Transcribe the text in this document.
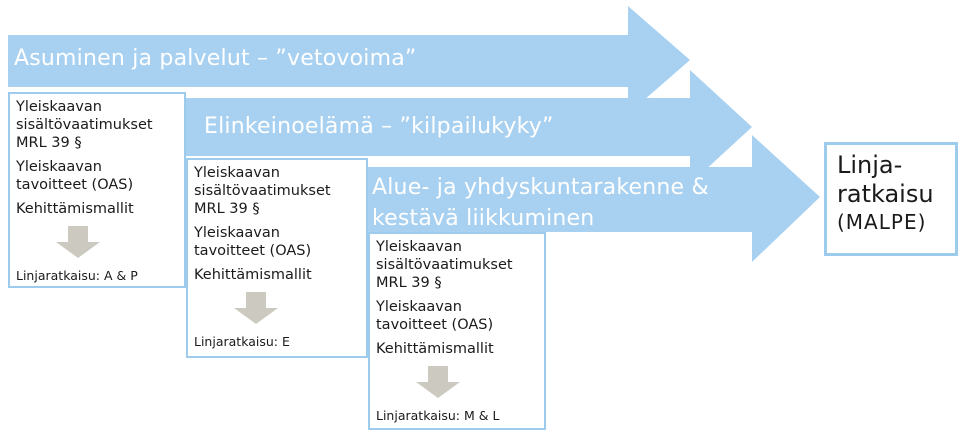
Asuminen ja palvelut – ”vetovoima”
Elinkeinoelämä – ”kilpailukyky”
Alue- ja yhdyskuntarakenne &
kestävä liikkuminen
Yleiskaavan
sisältövaatimukset
MRL 39 §
Yleiskaavan
tavoitteet (OAS)
Kehittämismallit
Linjaratkaisu: A & P
Yleiskaavan
sisältövaatimukset
MRL 39 §
Yleiskaavan
tavoitteet (OAS)
Kehittämismallit
Linjaratkaisu: E
Yleiskaavan
sisältövaatimukset
MRL 39 §
Yleiskaavan
tavoitteet (OAS)
Kehittämismallit
Linjaratkaisu: M & L
Linja-
ratkaisu
(MALPE)
